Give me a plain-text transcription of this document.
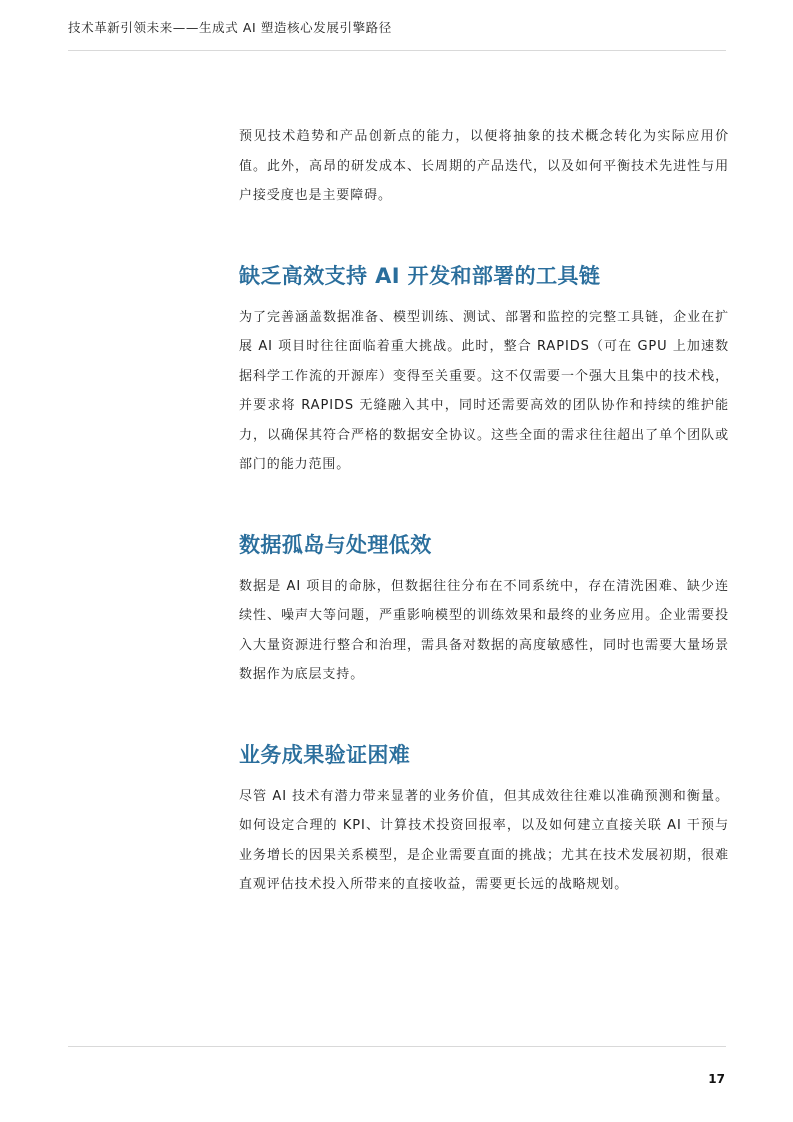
技术革新引领未来——生成式 AI 塑造核心发展引擎路径

预见技术趋势和产品创新点的能力，以便将抽象的技术概念转化为实际应用价值。此外，高昂的研发成本、长周期的产品迭代，以及如何平衡技术先进性与用户接受度也是主要障碍。

缺乏高效支持 AI 开发和部署的工具链

为了完善涵盖数据准备、模型训练、测试、部署和监控的完整工具链，企业在扩展 AI 项目时往往面临着重大挑战。此时，整合 RAPIDS（可在 GPU 上加速数据科学工作流的开源库）变得至关重要。这不仅需要一个强大且集中的技术栈，并要求将 RAPIDS 无缝融入其中，同时还需要高效的团队协作和持续的维护能力，以确保其符合严格的数据安全协议。这些全面的需求往往超出了单个团队或部门的能力范围。

数据孤岛与处理低效

数据是 AI 项目的命脉，但数据往往分布在不同系统中，存在清洗困难、缺少连续性、噪声大等问题，严重影响模型的训练效果和最终的业务应用。企业需要投入大量资源进行整合和治理，需具备对数据的高度敏感性，同时也需要大量场景数据作为底层支持。

业务成果验证困难

尽管 AI 技术有潜力带来显著的业务价值，但其成效往往难以准确预测和衡量。如何设定合理的 KPI、计算技术投资回报率，以及如何建立直接关联 AI 干预与业务增长的因果关系模型，是企业需要直面的挑战；尤其在技术发展初期，很难直观评估技术投入所带来的直接收益，需要更长远的战略规划。

17
